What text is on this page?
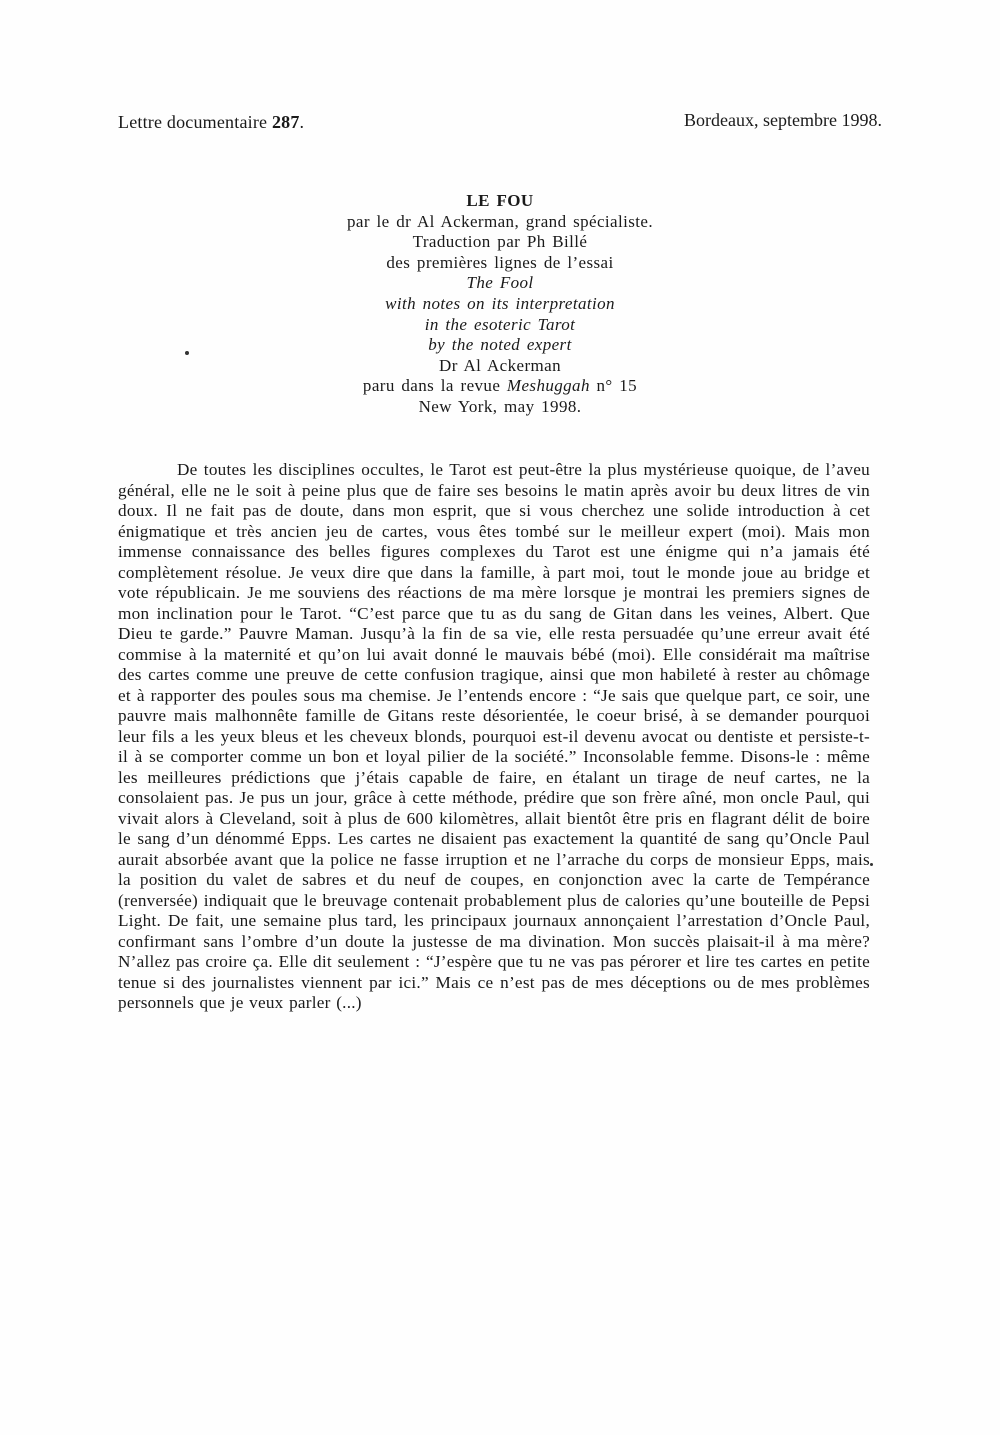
Lettre documentaire 287.	Bordeaux, septembre 1998.
LE FOU
par le dr Al Ackerman, grand spécialiste.
Traduction par Ph Billé
des premières lignes de l’essai
The Fool
with notes on its interpretation
in the esoteric Tarot
by the noted expert
Dr Al Ackerman
paru dans la revue Meshuggah n° 15
New York, may 1998.

De toutes les disciplines occultes, le Tarot est peut-être la plus mystérieuse quoique, de l’aveu général, elle ne le soit à peine plus que de faire ses besoins le matin après avoir bu deux litres de vin doux. Il ne fait pas de doute, dans mon esprit, que si vous cherchez une solide introduction à cet énigmatique et très ancien jeu de cartes, vous êtes tombé sur le meilleur expert (moi). Mais mon immense connaissance des belles figures complexes du Tarot est une énigme qui n’a jamais été complètement résolue. Je veux dire que dans la famille, à part moi, tout le monde joue au bridge et vote républicain. Je me souviens des réactions de ma mère lorsque je montrai les premiers signes de mon inclination pour le Tarot. “C’est parce que tu as du sang de Gitan dans les veines, Albert. Que Dieu te garde.” Pauvre Maman. Jusqu’à la fin de sa vie, elle resta persuadée qu’une erreur avait été commise à la maternité et qu’on lui avait donné le mauvais bébé (moi). Elle considérait ma maîtrise des cartes comme une preuve de cette confusion tragique, ainsi que mon habileté à rester au chômage et à rapporter des poules sous ma chemise. Je l’entends encore : “Je sais que quelque part, ce soir, une pauvre mais malhonnête famille de Gitans reste désorientée, le coeur brisé, à se demander pourquoi leur fils a les yeux bleus et les cheveux blonds, pourquoi est-il devenu avocat ou dentiste et persiste-t-il à se comporter comme un bon et loyal pilier de la société.” Inconsolable femme. Disons-le : même les meilleures prédictions que j’étais capable de faire, en étalant un tirage de neuf cartes, ne la consolaient pas. Je pus un jour, grâce à cette méthode, prédire que son frère aîné, mon oncle Paul, qui vivait alors à Cleveland, soit à plus de 600 kilomètres, allait bientôt être pris en flagrant délit de boire le sang d’un dénommé Epps. Les cartes ne disaient pas exactement la quantité de sang qu’Oncle Paul aurait absorbée avant que la police ne fasse irruption et ne l’arrache du corps de monsieur Epps, mais la position du valet de sabres et du neuf de coupes, en conjonction avec la carte de Tempérance (renversée) indiquait que le breuvage contenait probablement plus de calories qu’une bouteille de Pepsi Light. De fait, une semaine plus tard, les principaux journaux annonçaient l’arrestation d’Oncle Paul, confirmant sans l’ombre d’un doute la justesse de ma divination. Mon succès plaisait-il à ma mère? N’allez pas croire ça. Elle dit seulement : “J’espère que tu ne vas pas pérorer et lire tes cartes en petite tenue si des journalistes viennent par ici.” Mais ce n’est pas de mes déceptions ou de mes problèmes personnels que je veux parler (...)
